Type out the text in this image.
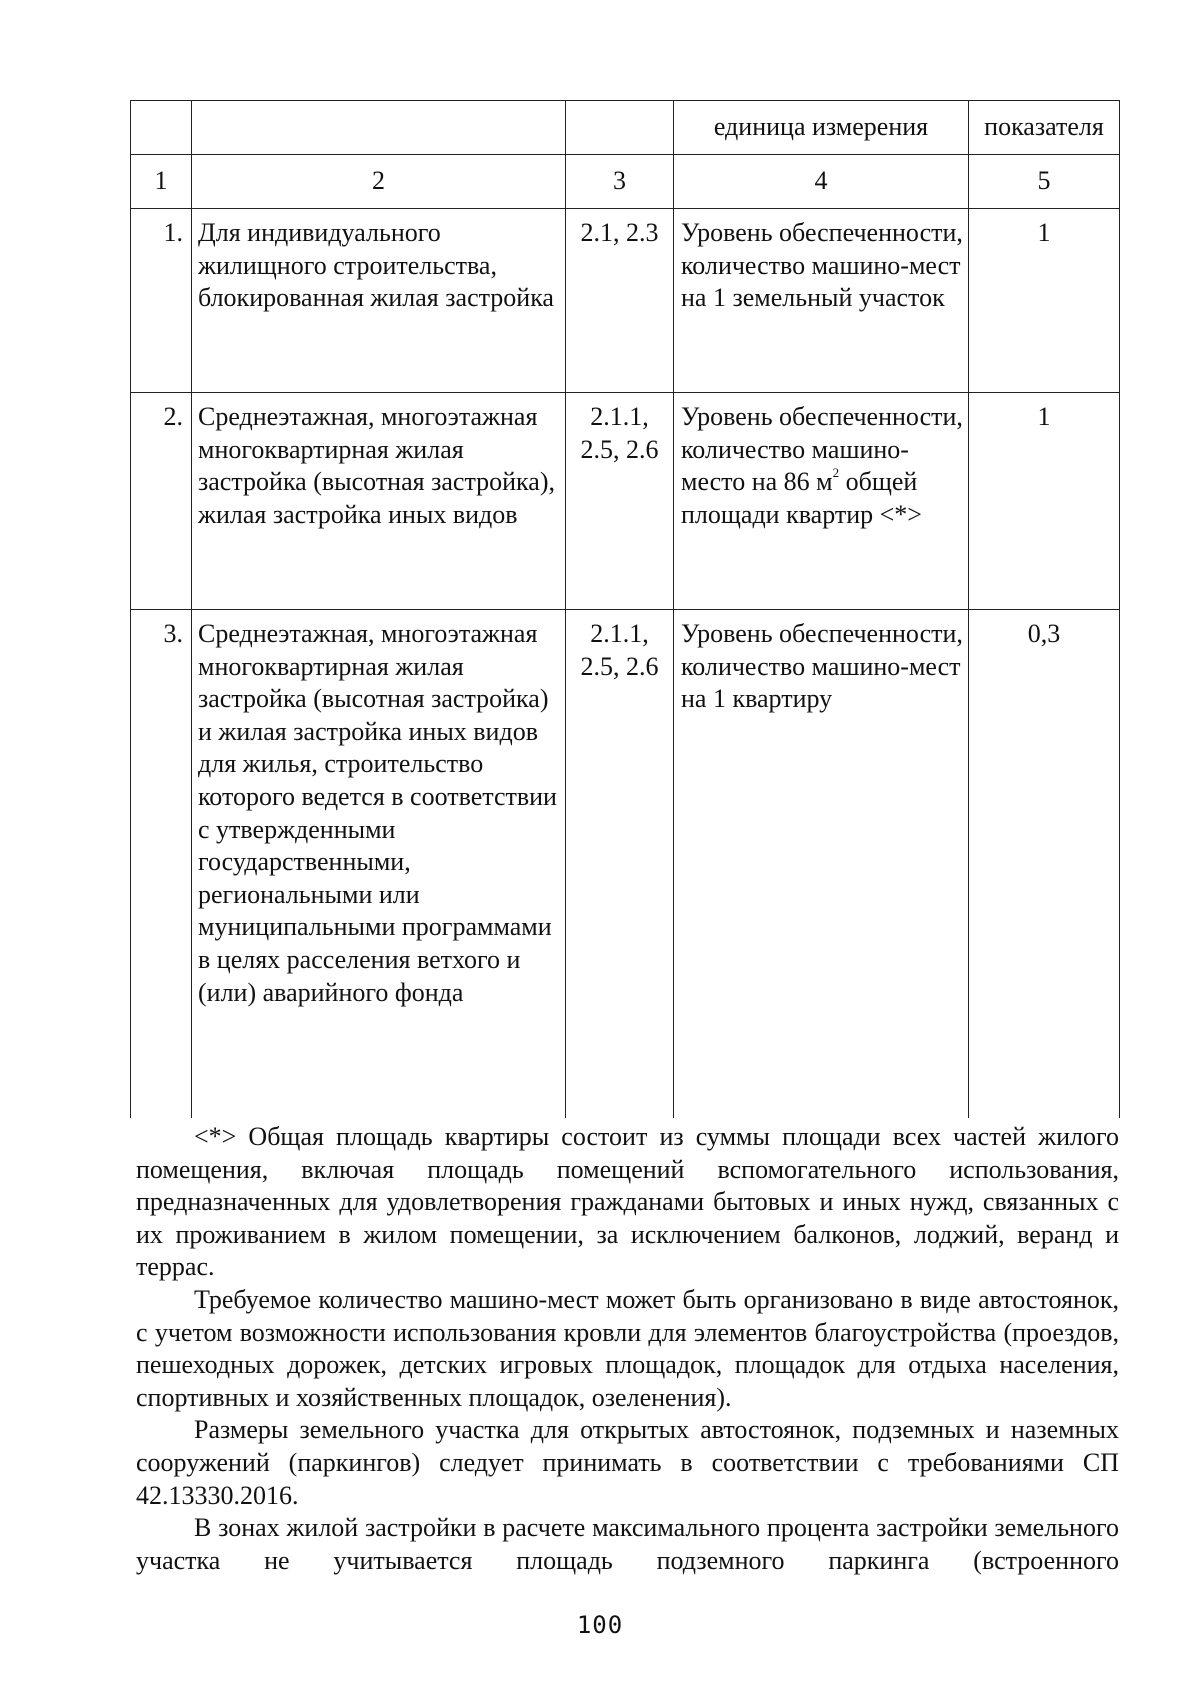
			единица измерения	показателя

1	2	3	4	5

1.	Для индивидуального жилищного строительства, блокированная жилая застройка	2.1, 2.3	Уровень обеспеченности, количество машино-мест на 1 земельный участок	1

2.	Среднеэтажная, многоэтажная многоквартирная жилая застройка (высотная застройка), жилая застройка иных видов	2.1.1, 2.5, 2.6	Уровень обеспеченности, количество машино-место на 86 $м^2$ общей площади квартир <*>	1

3.	Среднеэтажная, многоэтажная многоквартирная жилая застройка (высотная застройка) и жилая застройка иных видов для жилья, строительство которого ведется в соответствии с утвержденными государственными, региональными или муниципальными программами в целях расселения ветхого и (или) аварийного фонда	2.1.1, 2.5, 2.6	Уровень обеспеченности, количество машино-мест на 1 квартиру	0,3

<*> Общая площадь квартиры состоит из суммы площади всех частей жилого помещения, включая площадь помещений вспомогательного использования, предназначенных для удовлетворения гражданами бытовых и иных нужд, связанных с их проживанием в жилом помещении, за исключением балконов, лоджий, веранд и террас.

Требуемое количество машино-мест может быть организовано в виде автостоянок, с учетом возможности использования кровли для элементов благоустройства (проездов, пешеходных дорожек, детских игровых площадок, площадок для отдыха населения, спортивных и хозяйственных площадок, озеленения).

Размеры земельного участка для открытых автостоянок, подземных и наземных сооружений (паркингов) следует принимать в соответствии с требованиями СП 42.13330.2016.

В зонах жилой застройки в расчете максимального процента застройки земельного участка не учитывается площадь подземного паркинга (встроенного

100
